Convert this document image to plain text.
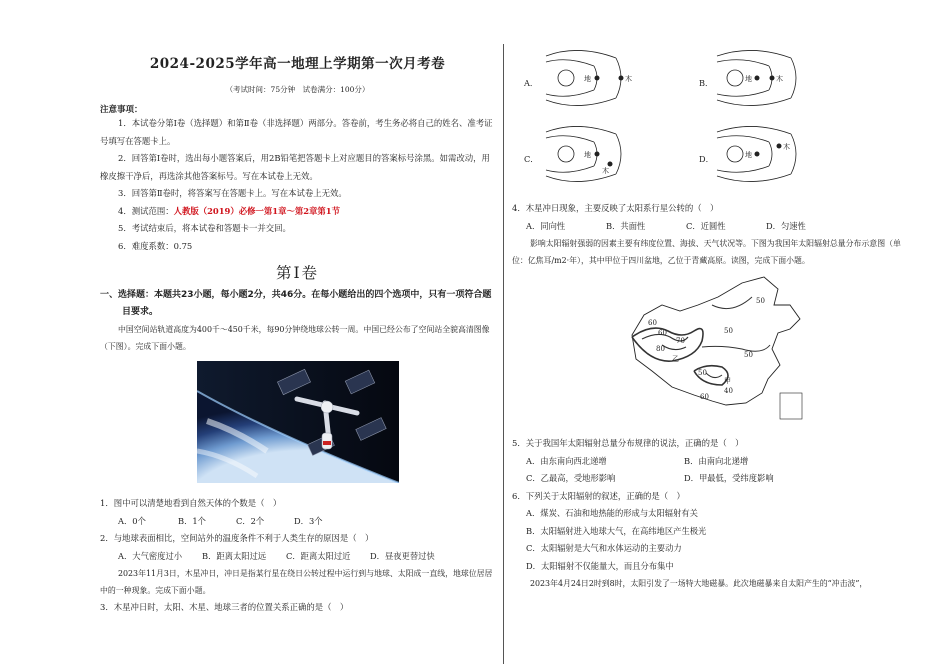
2024-2025学年高一地理上学期第一次月考卷
（考试时间：75分钟　试卷满分：100分）
注意事项：
1．本试卷分第Ⅰ卷（选择题）和第Ⅱ卷（非选择题）两部分。答卷前，考生务必将自己的姓名、准考证号填写在答题卡上。
2．回答第Ⅰ卷时，选出每小题答案后，用2B铅笔把答题卡上对应题目的答案标号涂黑。如需改动，用橡皮擦干净后，再选涂其他答案标号。写在本试卷上无效。
3．回答第Ⅱ卷时，将答案写在答题卡上。写在本试卷上无效。
4．测试范围：人教版（2019）必修一第1章～第2章第1节
5．考试结束后，将本试卷和答题卡一并交回。
6．难度系数：0.75
第Ⅰ卷
一、选择题：本题共23小题，每小题2分，共46分。在每小题给出的四个选项中，只有一项符合题
目要求。
中国空间站轨道高度为400千～450千米，每90分钟绕地球公转一周。中国已经公布了空间站全貌高清图像（下图）。完成下面小题。
1．图中可以清楚地看到自然天体的个数是（　）
A．0个	B．1个	C．2个	D．3个
2．与地球表面相比，空间站外的温度条件不利于人类生存的原因是（　）
A．大气密度过小	B．距离太阳过远	C．距离太阳过近	D．昼夜更替过快
2023年11月3日，木星冲日，冲日是指某行星在绕日公转过程中运行到与地球、太阳成一直线，地球位居居中的一种现象。完成下面小题。
3．木星冲日时，太阳、木星、地球三者的位置关系正确的是（　）
A．	地	木	B．	地	木
C．	地
木
D．	地
木
4．木星冲日现象，主要反映了太阳系行星公转的（　）
A．同向性	B．共面性	C．近圆性	D．匀速性
影响太阳辐射强弱的因素主要有纬度位置、海拔、天气状况等。下图为我国年太阳辐射总量分布示意图（单位：亿焦耳/m2·年），其中甲位于四川盆地，乙位于青藏高原。读图，完成下面小题。
50
60
60
70
80
50
50
50
60
40
甲
乙
5．关于我国年太阳辐射总量分布规律的说法，正确的是（　）
A．由东南向西北递增	B．由南向北递增
C．乙最高，受地形影响	D．甲最低，受纬度影响
6．下列关于太阳辐射的叙述，正确的是（　）
A．煤炭、石油和地热能的形成与太阳辐射有关
B．太阳辐射进入地球大气，在高纬地区产生极光
C．太阳辐射是大气和水体运动的主要动力
D．太阳辐射不仅能量大，而且分布集中
2023年4月24日2时到8时，太阳引发了一场特大地磁暴。此次地磁暴来自太阳产生的“冲击波”，
